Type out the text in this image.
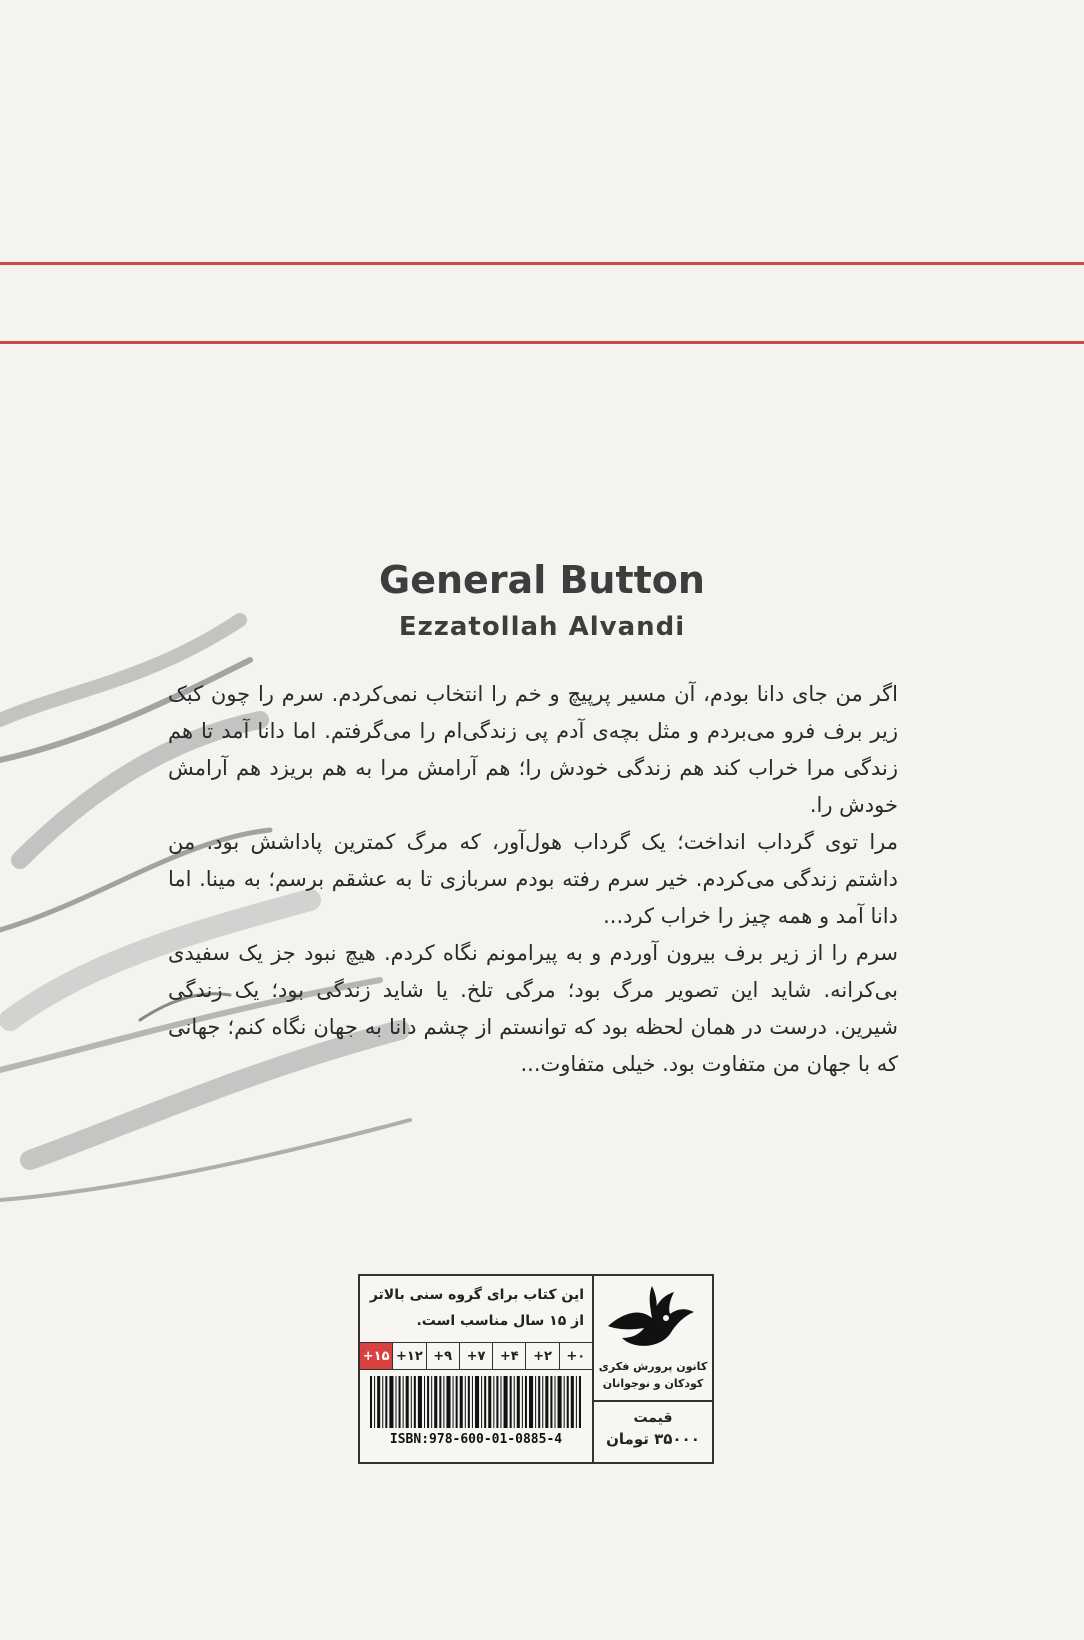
General Button
Ezzatollah Alvandi

اگر من جای دانا بودم، آن مسیر پرپیچ و خم را انتخاب نمی‌کردم. سرم را چون کبک زیر برف فرو می‌بردم و مثل بچه‌ی آدم پی زندگی‌ام را می‌گرفتم. اما دانا آمد تا هم زندگی مرا خراب کند هم زندگی خودش را؛ هم آرامش مرا به هم بریزد هم آرامش خودش را.

مرا توی گرداب انداخت؛ یک گرداب هول‌آور، که مرگ کمترین پاداشش بود. من داشتم زندگی می‌کردم. خیر سرم رفته بودم سربازی تا به عشقم برسم؛ به مینا. اما دانا آمد و همه چیز را خراب کرد...

سرم را از زیر برف بیرون آوردم و به پیرامونم نگاه کردم. هیچ نبود جز یک سفیدی بی‌کرانه. شاید این تصویر مرگ بود؛ مرگی تلخ. یا شاید زندگی بود؛ یک زندگی شیرین. درست در همان لحظه بود که توانستم از چشم دانا به جهان نگاه کنم؛ جهانی که با جهان من متفاوت بود. خیلی متفاوت...

این کتاب برای گروه سنی بالاتر از ۱۵ سال مناسب است.
+۱۵ +۱۲ +۹	+۷	+۴	+۲	+۰
ISBN:978-600-01-0885-4
کانون پرورش فکری کودکان و نوجوانان
قیمت
۳۵۰۰۰ تومان
